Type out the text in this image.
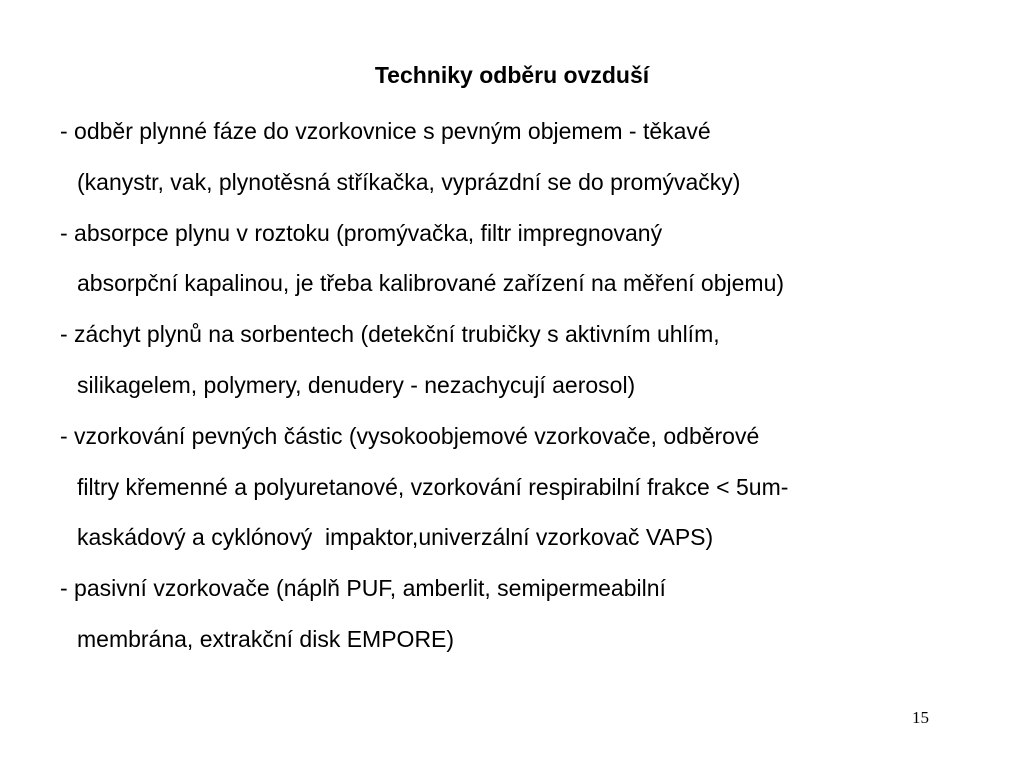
Techniky odběru ovzduší
- odběr plynné fáze do vzorkovnice s pevným objemem - těkavé
(kanystr, vak, plynotěsná stříkačka, vyprázdní se do promývačky)
- absorpce plynu v roztoku (promývačka, filtr impregnovaný
absorpční kapalinou, je třeba kalibrované zařízení na měření objemu)
- záchyt plynů na sorbentech (detekční trubičky s aktivním uhlím,
silikagelem, polymery, denudery - nezachycují aerosol)
- vzorkování pevných částic (vysokoobjemové vzorkovače, odběrové
filtry křemenné a polyuretanové, vzorkování respirabilní frakce < 5um-
kaskádový a cyklónový  impaktor,univerzální vzorkovač VAPS)
- pasivní vzorkovače (náplň PUF, amberlit, semipermeabilní
membrána, extrakční disk EMPORE)
15
